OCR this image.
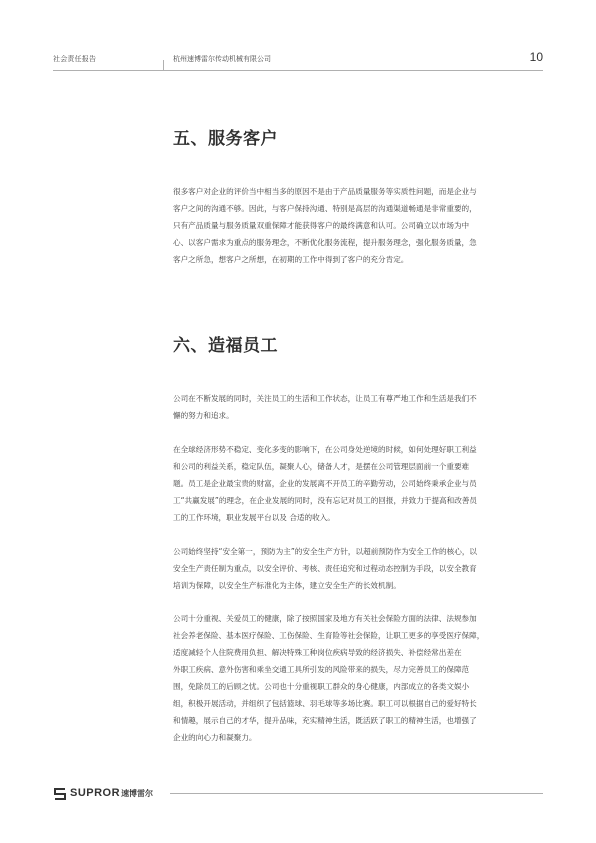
社会责任报告	杭州速博雷尔传动机械有限公司	10
五、服务客户

很多客户对企业的评价当中相当多的原因不是由于产品质量服务等实质性问题，而是企业与
客户之间的沟通不够。因此，与客户保持沟通、特别是高层的沟通渠道畅通是非常重要的，
只有产品质量与服务质量双重保障才能获得客户的最终满意和认可。公司确立以市场为中
心、以客户需求为重点的服务理念，不断优化服务流程，提升服务理念，强化服务质量，急
客户之所急，想客户之所想，在初期的工作中得到了客户的充分肯定。

六、造福员工

公司在不断发展的同时，关注员工的生活和工作状态，让员工有尊严地工作和生活是我们不
懈的努力和追求。

在全球经济形势不稳定、变化多变的影响下，在公司身处逆境的时候，如何处理好职工利益
和公司的利益关系，稳定队伍，凝聚人心，储备人才，是摆在公司管理层面前一个重要难
题。员工是企业最宝贵的财富，企业的发展离不开员工的辛勤劳动，公司始终秉承企业与员
工“共赢发展”的理念，在企业发展的同时，没有忘记对员工的回报，并致力于提高和改善员
工的工作环境，职业发展平台以及 合适的收入。

公司始终坚持“安全第一，预防为主”的安全生产方针，以超前预防作为安全工作的核心，以
安全生产责任制为重点，以安全评价、考核、责任追究和过程动态控制为手段，以安全教育
培训为保障，以安全生产标准化为主体，建立安全生产的长效机制。

公司十分重视、关爱员工的健康，除了按照国家及地方有关社会保险方面的法律、法规参加
社会养老保险、基本医疗保险、工伤保险、生育险等社会保险，让职工更多的享受医疗保障，
适度减轻个人住院费用负担、解决特殊工种岗位疾病导致的经济损失、补偿经常出差在
外职工疾病、意外伤害和乘坐交通工具所引发的风险带来的损失，尽力完善员工的保障范
围，免除员工的后顾之忧。公司也十分重视职工群众的身心健康，内部成立的各类文娱小
组，积极开展活动，并组织了包括篮球、羽毛球等多场比赛。职工可以根据自己的爱好特长
和情趣，展示自己的才华，提升品味，充实精神生活，既活跃了职工的精神生活，也增强了
企业的向心力和凝聚力。

SUPROR 速博雷尔
